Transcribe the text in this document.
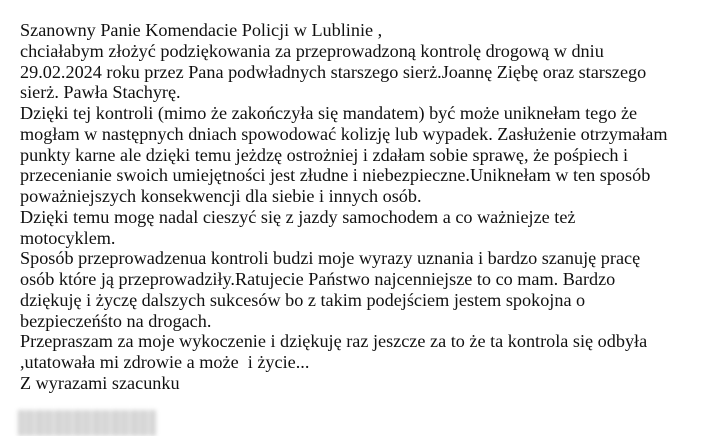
Szanowny Panie Komendacie Policji w Lublinie ,
chciałabym złożyć podziękowania za przeprowadzoną kontrolę drogową w dniu
29.02.2024 roku przez Pana podwładnych starszego sierż.Joannę Ziębę oraz starszego
sierż. Pawła Stachyrę.
Dzięki tej kontroli (mimo że zakończyła się mandatem) być może uniknełam tego że
mogłam w następnych dniach spowodować kolizję lub wypadek. Zasłużenie otrzymałam
punkty karne ale dzięki temu jeżdzę ostrożniej i zdałam sobie sprawę, że pośpiech i
przecenianie swoich umiejętności jest złudne i niebezpieczne.Uniknełam w ten sposób
poważniejszych konsekwencji dla siebie i innych osób.
Dzięki temu mogę nadal cieszyć się z jazdy samochodem a co ważniejze też
motocyklem.
Sposób przeprowadzenua kontroli budzi moje wyrazy uznania i bardzo szanuję pracę
osób które ją przeprowadziły.Ratujecie Państwo najcenniejsze to co mam. Bardzo
dziękuję i życzę dalszych sukcesów bo z takim podejściem jestem spokojna o
bezpieczeńśto na drogach.
Przepraszam za moje wykoczenie i dziękuję raz jeszcze za to że ta kontrola się odbyła
,utatowała mi zdrowie a może  i życie...
Z wyrazami szacunku
